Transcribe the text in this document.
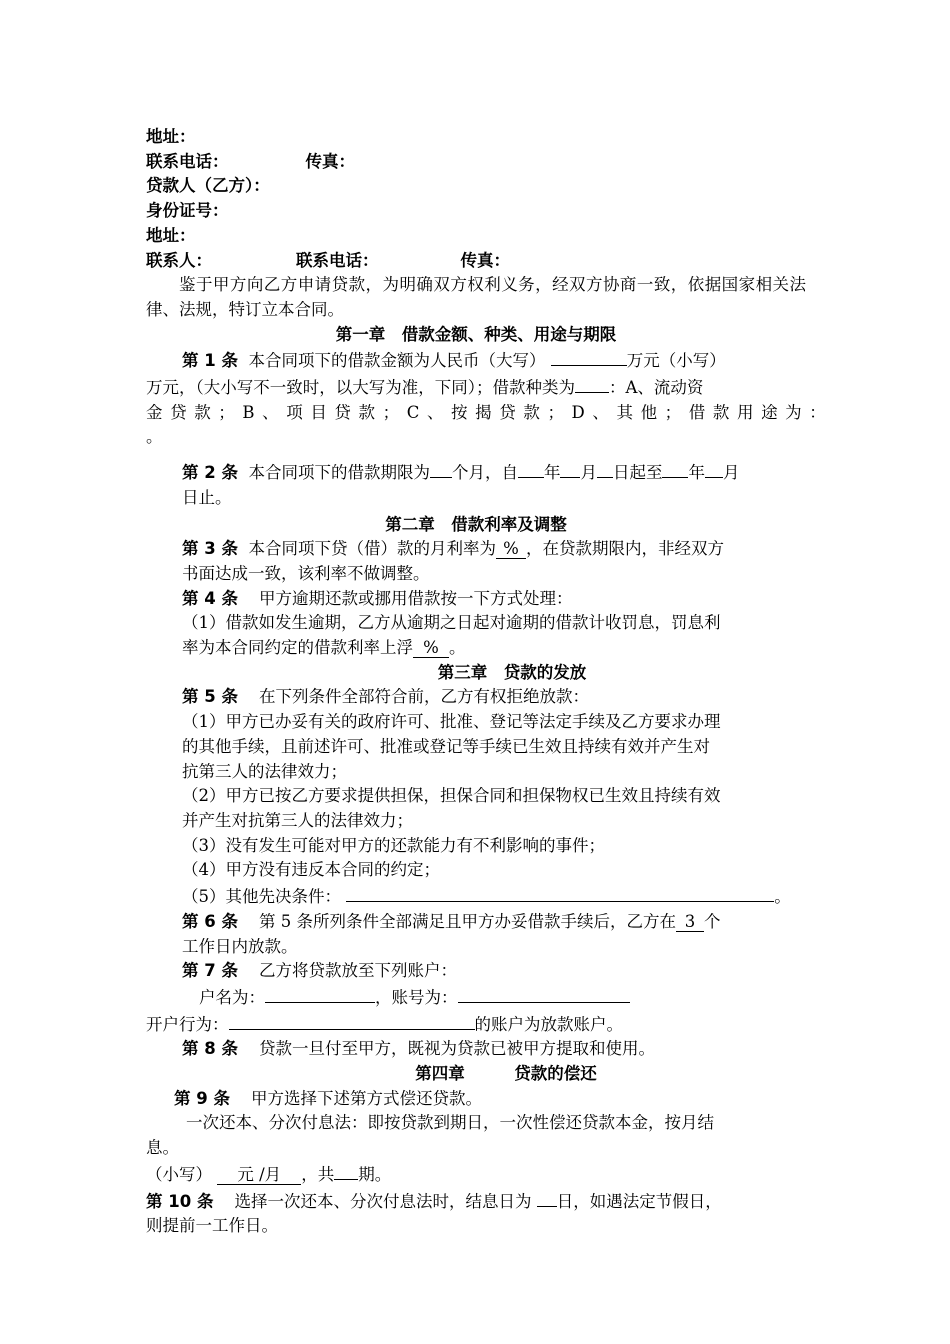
地址：

联系电话：	传真：

贷款人（乙方）：

身份证号：

地址：

联系人：	联系电话：	传真：

鉴于甲方向乙方申请贷款，为明确双方权利义务，经双方协商一致，依据国家相关法律、法规，特订立本合同。

第一章　借款金额、种类、用途与期限

第 1 条 本合同项下的借款金额为人民币（大写）	万元（小写）

万元，（大小写不一致时，以大写为准，下同）；借款种类为 ：A、流动资

金贷款；B、项目贷款；C、按揭贷款；D、其他；借款用途为：

。

第 2 条 本合同项下的借款期限为 个月，自 年 月 日起至 年 月

日止。

第二章　借款利率及调整

第 3 条 本合同项下贷（借）款的月利率为 % ，在贷款期限内，非经双方

书面达成一致，该利率不做调整。

第 4 条 甲方逾期还款或挪用借款按一下方式处理：

（1）借款如发生逾期，乙方从逾期之日起对逾期的借款计收罚息，罚息利

率为本合同约定的借款利率上浮 % 。

第三章　贷款的发放

第 5 条 在下列条件全部符合前，乙方有权拒绝放款：

（1）甲方已办妥有关的政府许可、批准、登记等法定手续及乙方要求办理

的其他手续，且前述许可、批准或登记等手续已生效且持续有效并产生对

抗第三人的法律效力；

（2）甲方已按乙方要求提供担保，担保合同和担保物权已生效且持续有效

并产生对抗第三人的法律效力；

（3）没有发生可能对甲方的还款能力有不利影响的事件；

（4）甲方没有违反本合同的约定；

（5）其他先决条件：	。

第 6 条 第 5 条所列条件全部满足且甲方办妥借款手续后，乙方在 3 个

工作日内放款。

第 7 条 乙方将贷款放至下列账户：

户名为：	，账号为：

开户行为：	的账户为放款账户。

第 8 条 贷款一旦付至甲方，既视为贷款已被甲方提取和使用。

第四章　　　贷款的偿还

第 9 条 甲方选择下述第方式偿还贷款。

一次还本、分次付息法：即按贷款到期日，一次性偿还贷款本金，按月结

息。

（小写） 元 /月 ，共 期。

第 10 条 选择一次还本、分次付息法时，结息日为 日，如遇法定节假日，

则提前一工作日。
